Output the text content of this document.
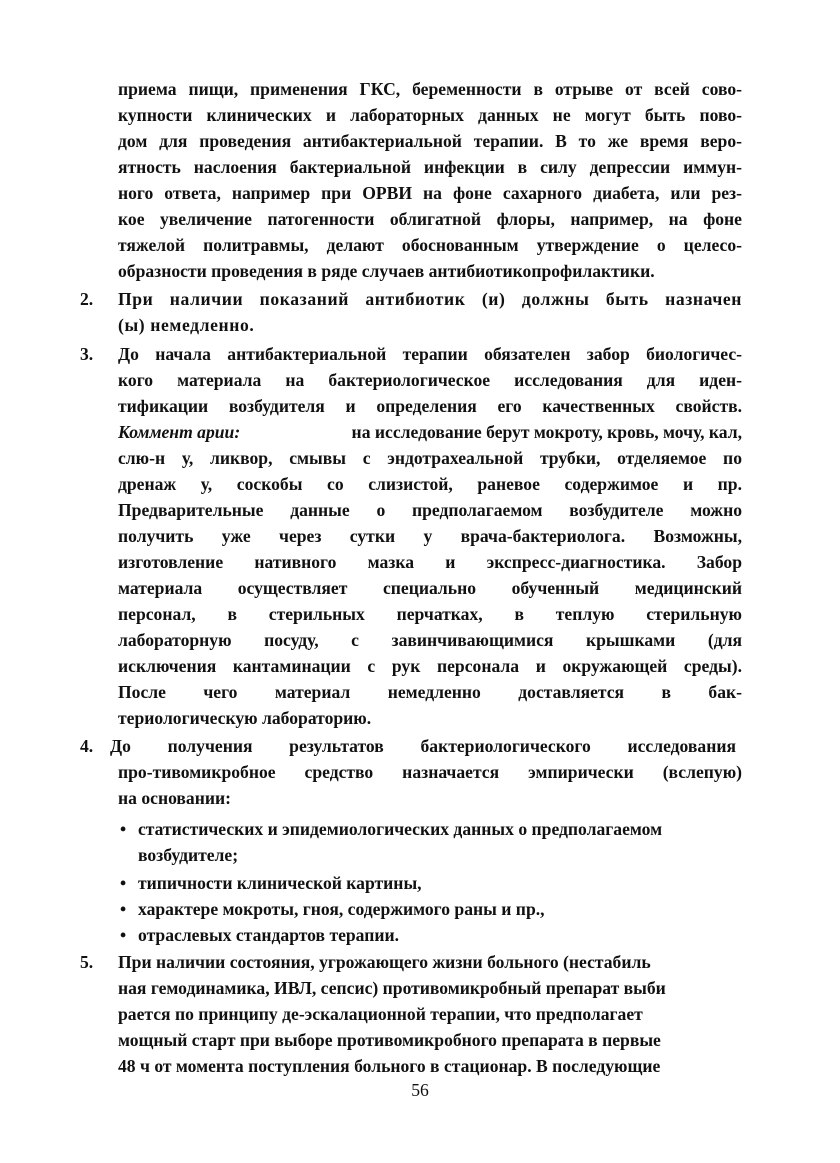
приема пищи, применения ГКС, беременности в отрыве от всей сово-
купности клинических и лабораторных данных не могут быть пово-
дом для проведения антибактериальной терапии. В то же время веро-
ятность наслоения бактериальной инфекции в силу депрессии иммун-
ного ответа, например при ОРВИ на фоне сахарного диабета, или рез-
кое увеличение патогенности облигатной флоры, например, на фоне
тяжелой политравмы, делают обоснованным утверждение о целесо-
образности проведения в ряде случаев антибиотикопрофилактики.
2. При наличии показаний антибиотик (и) должны быть назначен
(ы) немедленно.
3. До начала антибактериальной терапии обязателен забор биологичес-
кого материала на бактериологическое исследования для иден-
тификации возбудителя и определения его качественных свойств.
Коммент арии:	на исследование берут мокроту, кровь, мочу, кал,
слю-н у, ликвор, смывы с эндотрахеальной трубки, отделяемое по
дренаж у, соскобы со слизистой, раневое содержимое и пр.
Предварительные данные о предполагаемом возбудителе можно
получить уже через сутки у врача-бактериолога. Возможны,
изготовление нативного мазка и экспресс-диагностика. Забор
материала осуществляет специально обученный медицинский
персонал, в стерильных перчатках, в теплую стерильную
лабораторную посуду, с завинчивающимися крышками (для
исключения кантаминации с рук персонала и окружающей среды).
После чего материал немедленно доставляется в бак-
териологическую лабораторию.
4. До получения результатов бактериологического исследования
про-тивомикробное средство назначается эмпирически (вслепую)
на основании:
• статистических и эпидемиологических данных о предполагаемом
возбудителе;
• типичности клинической картины,
• характере мокроты, гноя, содержимого раны и пр.,
• отраслевых стандартов терапии.
5. При наличии состояния, угрожающего жизни больного (нестабиль
ная гемодинамика, ИВЛ, сепсис) противомикробный препарат выби
рается по принципу де-эскалационной терапии, что предполагает
мощный старт при выборе противомикробного препарата в первые
48 ч от момента поступления больного в стационар. В последующие
56
